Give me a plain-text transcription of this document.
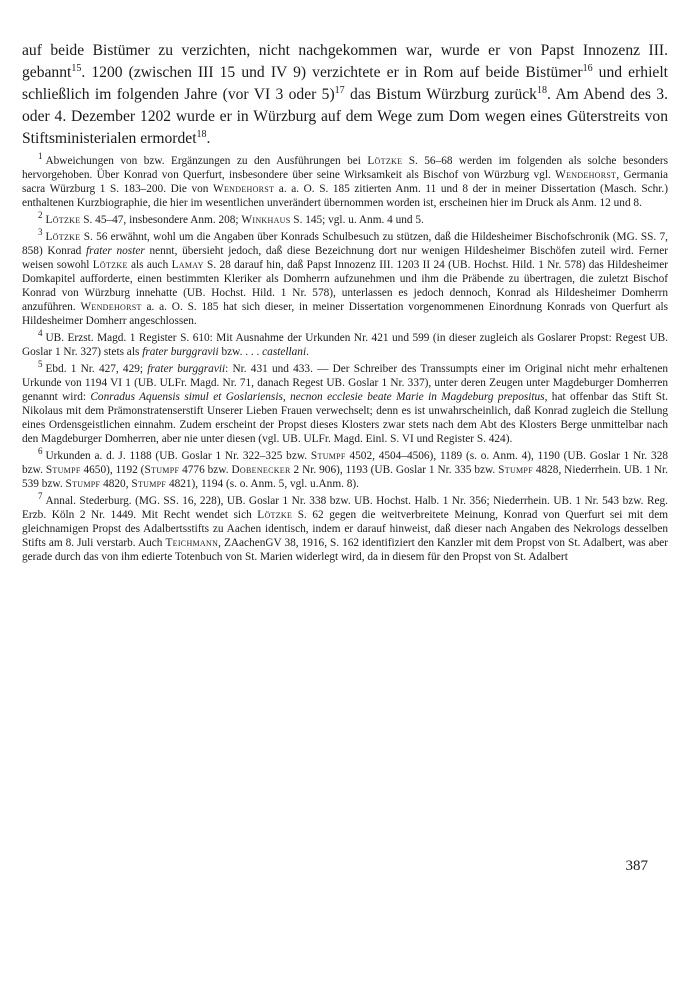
auf beide Bistümer zu verzichten, nicht nachgekommen war, wurde er von Papst Innozenz III. gebannt$^{15}$. 1200 (zwischen III 15 und IV 9) verzichtete er in Rom auf beide Bistümer$^{16}$ und erhielt schließlich im folgenden Jahre (vor VI 3 oder 5)$^{17}$ das Bistum Würzburg zurück$^{18}$. Am Abend des 3. oder 4. Dezember 1202 wurde er in Würzburg auf dem Wege zum Dom wegen eines Güterstreits von Stiftsministerialen ermordet$^{18}$.

$^1$ Abweichungen von bzw. Ergänzungen zu den Ausführungen bei Lötzke S. 56–68 werden im folgenden als solche besonders hervorgehoben. Über Konrad von Querfurt, insbesondere über seine Wirksamkeit als Bischof von Würzburg vgl. Wendehorst, Germania sacra Würzburg 1 S. 183–200. Die von Wendehorst a. a. O. S. 185 zitierten Anm. 11 und 8 der in meiner Dissertation (Masch. Schr.) enthaltenen Kurzbiographie, die hier im wesentlichen unverändert übernommen worden ist, erscheinen hier im Druck als Anm. 12 und 8.

$^2$ Lötzke S. 45–47, insbesondere Anm. 208; Winkhaus S. 145; vgl. u. Anm. 4 und 5.

$^3$ Lötzke S. 56 erwähnt, wohl um die Angaben über Konrads Schulbesuch zu stützen, daß die Hildesheimer Bischofschronik (MG. SS. 7, 858) Konrad frater noster nennt, übersieht jedoch, daß diese Bezeichnung dort nur wenigen Hildesheimer Bischöfen zuteil wird. Ferner weisen sowohl Lötzke als auch Lamay S. 28 darauf hin, daß Papst Innozenz III. 1203 II 24 (UB. Hochst. Hild. 1 Nr. 578) das Hildesheimer Domkapitel aufforderte, einen bestimmten Kleriker als Domherrn aufzunehmen und ihm die Präbende zu übertragen, die zuletzt Bischof Konrad von Würzburg innehatte (UB. Hochst. Hild. 1 Nr. 578), unterlassen es jedoch dennoch, Konrad als Hildesheimer Domherrn anzuführen. Wendehorst a. a. O. S. 185 hat sich dieser, in meiner Dissertation vorgenommenen Einordnung Konrads von Querfurt als Hildesheimer Domherr angeschlossen.

$^4$ UB. Erzst. Magd. 1 Register S. 610: Mit Ausnahme der Urkunden Nr. 421 und 599 (in dieser zugleich als Goslarer Propst: Regest UB. Goslar 1 Nr. 327) stets als frater burggravii bzw. . . . castellani.

$^5$ Ebd. 1 Nr. 427, 429; frater burggravii: Nr. 431 und 433. — Der Schreiber des Transsumpts einer im Original nicht mehr erhaltenen Urkunde von 1194 VI 1 (UB. ULFr. Magd. Nr. 71, danach Regest UB. Goslar 1 Nr. 337), unter deren Zeugen unter Magdeburger Domherren genannt wird: Conradus Aquensis simul et Goslariensis, necnon ecclesie beate Marie in Magdeburg prepositus, hat offenbar das Stift St. Nikolaus mit dem Prämonstratenserstift Unserer Lieben Frauen verwechselt; denn es ist unwahrscheinlich, daß Konrad zugleich die Stellung eines Ordensgeistlichen einnahm. Zudem erscheint der Propst dieses Klosters zwar stets nach dem Abt des Klosters Berge unmittelbar nach den Magdeburger Domherren, aber nie unter diesen (vgl. UB. ULFr. Magd. Einl. S. VI und Register S. 424).

$^6$ Urkunden a. d. J. 1188 (UB. Goslar 1 Nr. 322–325 bzw. Stumpf 4502, 4504–4506), 1189 (s. o. Anm. 4), 1190 (UB. Goslar 1 Nr. 328 bzw. Stumpf 4650), 1192 (Stumpf 4776 bzw. Dobenecker 2 Nr. 906), 1193 (UB. Goslar 1 Nr. 335 bzw. Stumpf 4828, Niederrhein. UB. 1 Nr. 539 bzw. Stumpf 4820, Stumpf 4821), 1194 (s. o. Anm. 5, vgl. u.Anm. 8).

$^7$ Annal. Stederburg. (MG. SS. 16, 228), UB. Goslar 1 Nr. 338 bzw. UB. Hochst. Halb. 1 Nr. 356; Niederrhein. UB. 1 Nr. 543 bzw. Reg. Erzb. Köln 2 Nr. 1449. Mit Recht wendet sich Lötzke S. 62 gegen die weitverbreitete Meinung, Konrad von Querfurt sei mit dem gleichnamigen Propst des Adalbertsstifts zu Aachen identisch, indem er darauf hinweist, daß dieser nach Angaben des Nekrologs desselben Stifts am 8. Juli verstarb. Auch Teichmann, ZAachenGV 38, 1916, S. 162 identifiziert den Kanzler mit dem Propst von St. Adalbert, was aber gerade durch das von ihm edierte Totenbuch von St. Marien widerlegt wird, da in diesem für den Propst von St. Adalbert

387
